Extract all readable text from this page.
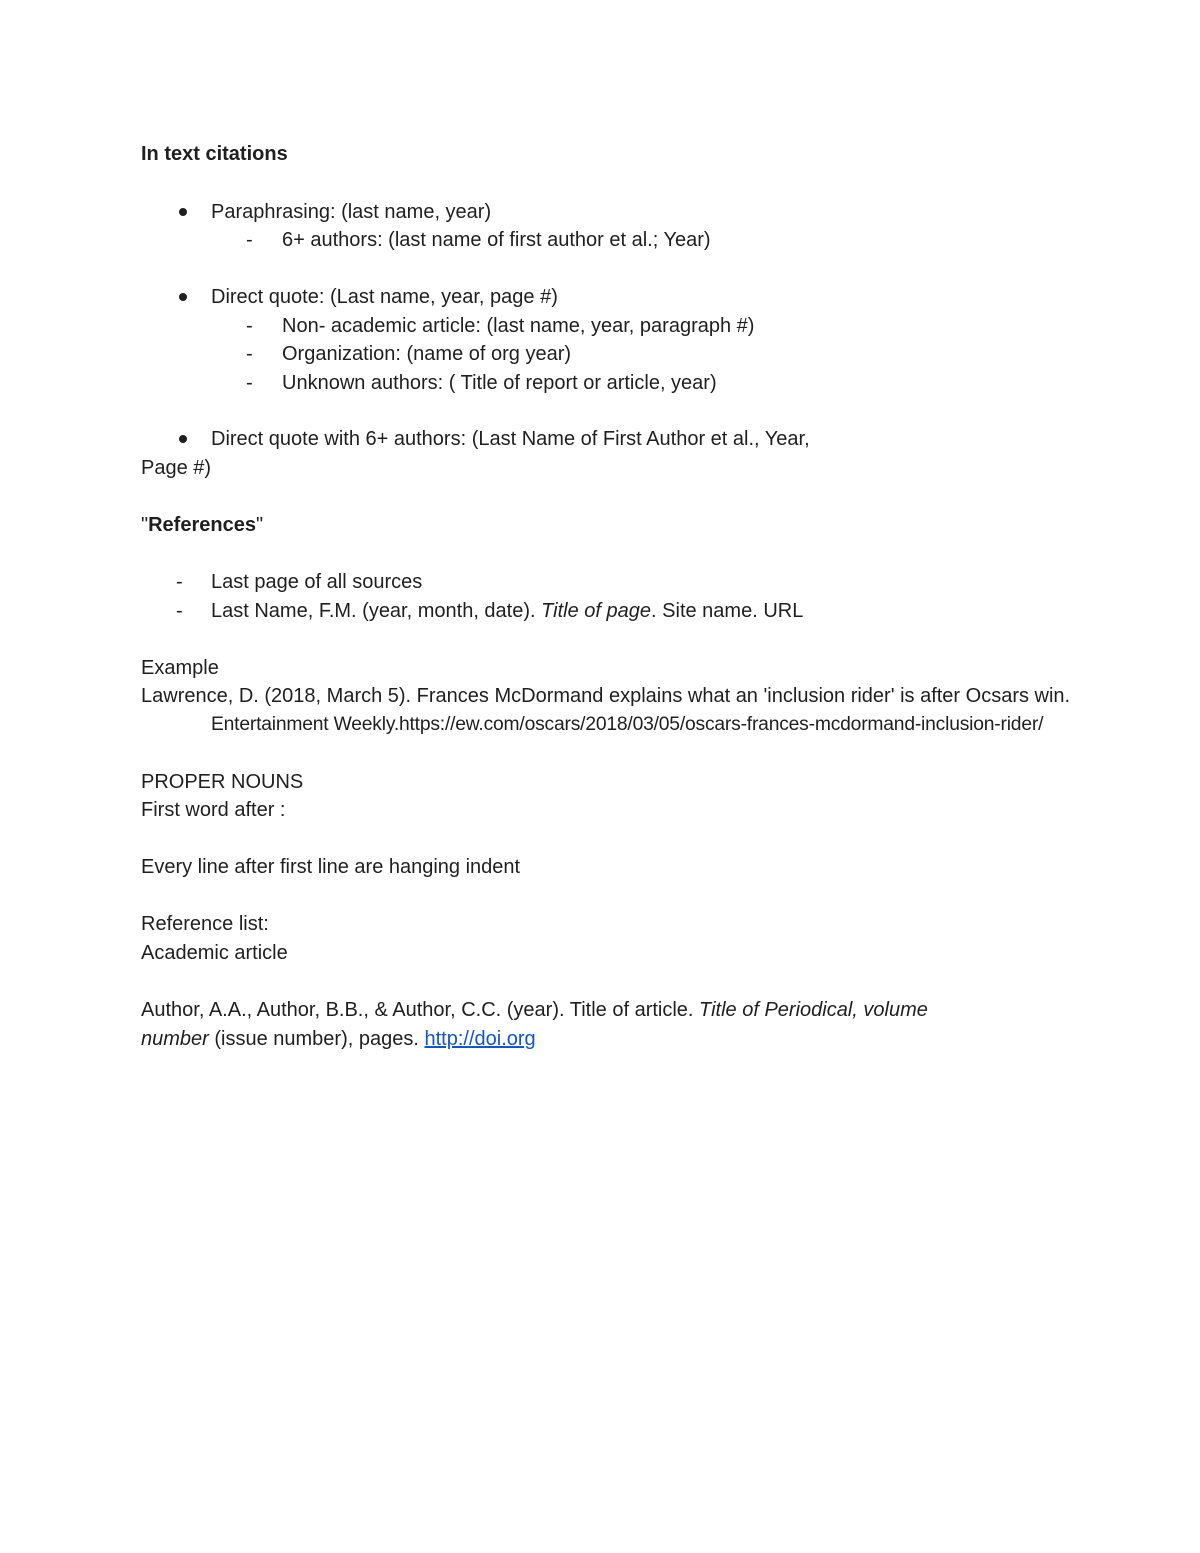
In text citations
Paraphrasing: (last name, year)
- 6+ authors: (last name of first author et al.; Year)
Direct quote: (Last name, year, page #)
- Non- academic article: (last name, year, paragraph #)
- Organization: (name of org year)
- Unknown authors: ( Title of report or article, year)
Direct quote with 6+ authors: (Last Name of First Author et al., Year,
Page #)
"References"
- Last page of all sources
- Last Name, F.M. (year, month, date). Title of page. Site name. URL
Example
Lawrence, D. (2018, March 5). Frances McDormand explains what an 'inclusion rider' is after Ocsars win.
Entertainment Weekly.https://ew.com/oscars/2018/03/05/oscars-frances-mcdormand-inclusion-rider/
PROPER NOUNS
First word after :
Every line after first line are hanging indent
Reference list:
Academic article
Author, A.A., Author, B.B., & Author, C.C. (year). Title of article. Title of Periodical, volume
number (issue number), pages. http://doi.org
